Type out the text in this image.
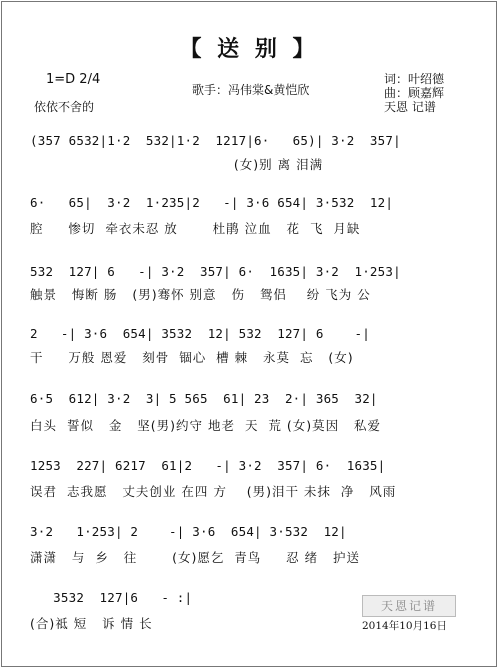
【 送 别 】
1=D 2/4
依依不舍的
歌手：冯伟棠&黄恺欣
词：叶绍德
曲：顾嘉辉
天恩 记谱
(357 6532|1·2  532|1·2  1217|6·   65)| 3·2  357|
(女)别 离 泪满
6·   65|  3·2  1·235|2   -| 3·6 654| 3·532  12|
腔     惨切  牵衣未忍 放       杜鹃 泣血   花  飞  月缺
532  127| 6   -| 3·2  357| 6·  1635| 3·2  1·253|
触景   悔断 肠   (男)骞怀 别意   伤   鸳侣    纷 飞为 公
2   -| 3·6  654| 3532  12| 532  127| 6    -|
干     万般 恩爱   刻骨  锢心  槽 棘   永莫  忘   (女)
6·5  612| 3·2  3| 5 565  61| 23  2·| 365  32|
白头  誓似   金   坚(男)约守 地老  天  荒 (女)莫因   私爱
1253  227| 6217  61|2   -| 3·2  357| 6·  1635|
误君  志我愿   丈夫创业 在四 方    (男)泪干 未抹  净   风雨
3·2   1·253| 2    -| 3·6  654| 3·532  12|
潇潇   与  乡   往       (女)愿乞  青鸟     忍 绪   护送
3532  127|6   - :|
(合)祗 短   诉 情 长
天恩记谱
2014年10月16日
